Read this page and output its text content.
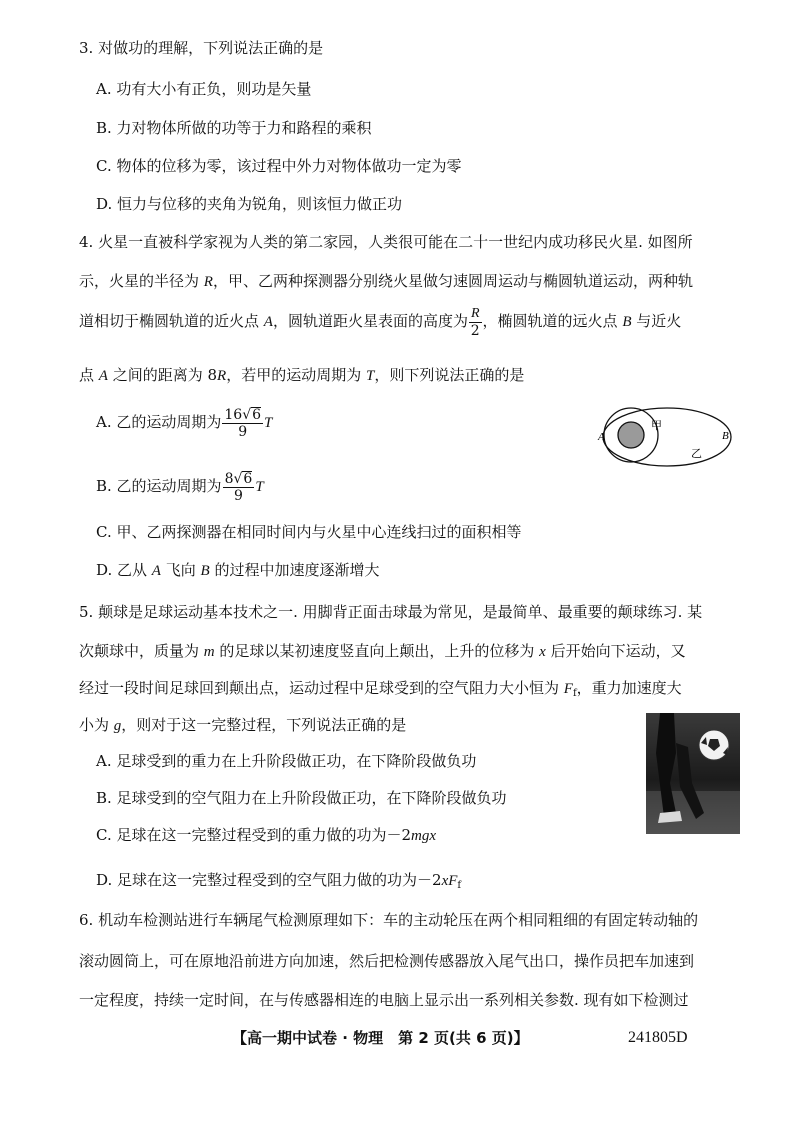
3. 对做功的理解，下列说法正确的是
A. 功有大小有正负，则功是矢量
B. 力对物体所做的功等于力和路程的乘积
C. 物体的位移为零，该过程中外力对物体做功一定为零
D. 恒力与位移的夹角为锐角，则该恒力做正功
4. 火星一直被科学家视为人类的第二家园，人类很可能在二十一世纪内成功移民火星. 如图所
示，火星的半径为 R，甲、乙两种探测器分别绕火星做匀速圆周运动与椭圆轨道运动，两种轨
道相切于椭圆轨道的近火点 A，圆轨道距火星表面的高度为 $\frac{R}{2}$ ，椭圆轨道的远火点 B 与近火
点 A 之间的距离为 8R，若甲的运动周期为 T，则下列说法正确的是
A. 乙的运动周期为 $\frac{16√6}{9}$ T
B. 乙的运动周期为 $\frac{8√6}{9}$ T
C. 甲、乙两探测器在相同时间内与火星中心连线扫过的面积相等
D. 乙从 A 飞向 B 的过程中加速度逐渐增大
A	B
甲
乙
5. 颠球是足球运动基本技术之一. 用脚背正面击球最为常见，是最简单、最重要的颠球练习. 某
次颠球中，质量为 m 的足球以某初速度竖直向上颠出，上升的位移为 x 后开始向下运动，又
经过一段时间足球回到颠出点，运动过程中足球受到的空气阻力大小恒为 $F_f$，重力加速度大
小为 g，则对于这一完整过程，下列说法正确的是
A. 足球受到的重力在上升阶段做正功，在下降阶段做负功
B. 足球受到的空气阻力在上升阶段做正功，在下降阶段做负功
C. 足球在这一完整过程受到的重力做的功为－2mgx
D. 足球在这一完整过程受到的空气阻力做的功为$-2xF_f$
6. 机动车检测站进行车辆尾气检测原理如下：车的主动轮压在两个相同粗细的有固定转动轴的
滚动圆筒上，可在原地沿前进方向加速，然后把检测传感器放入尾气出口，操作员把车加速到
一定程度，持续一定时间，在与传感器相连的电脑上显示出一系列相关参数. 现有如下检测过
【高一期中试卷 · 物理　第 2 页(共 6 页)】	241805D
